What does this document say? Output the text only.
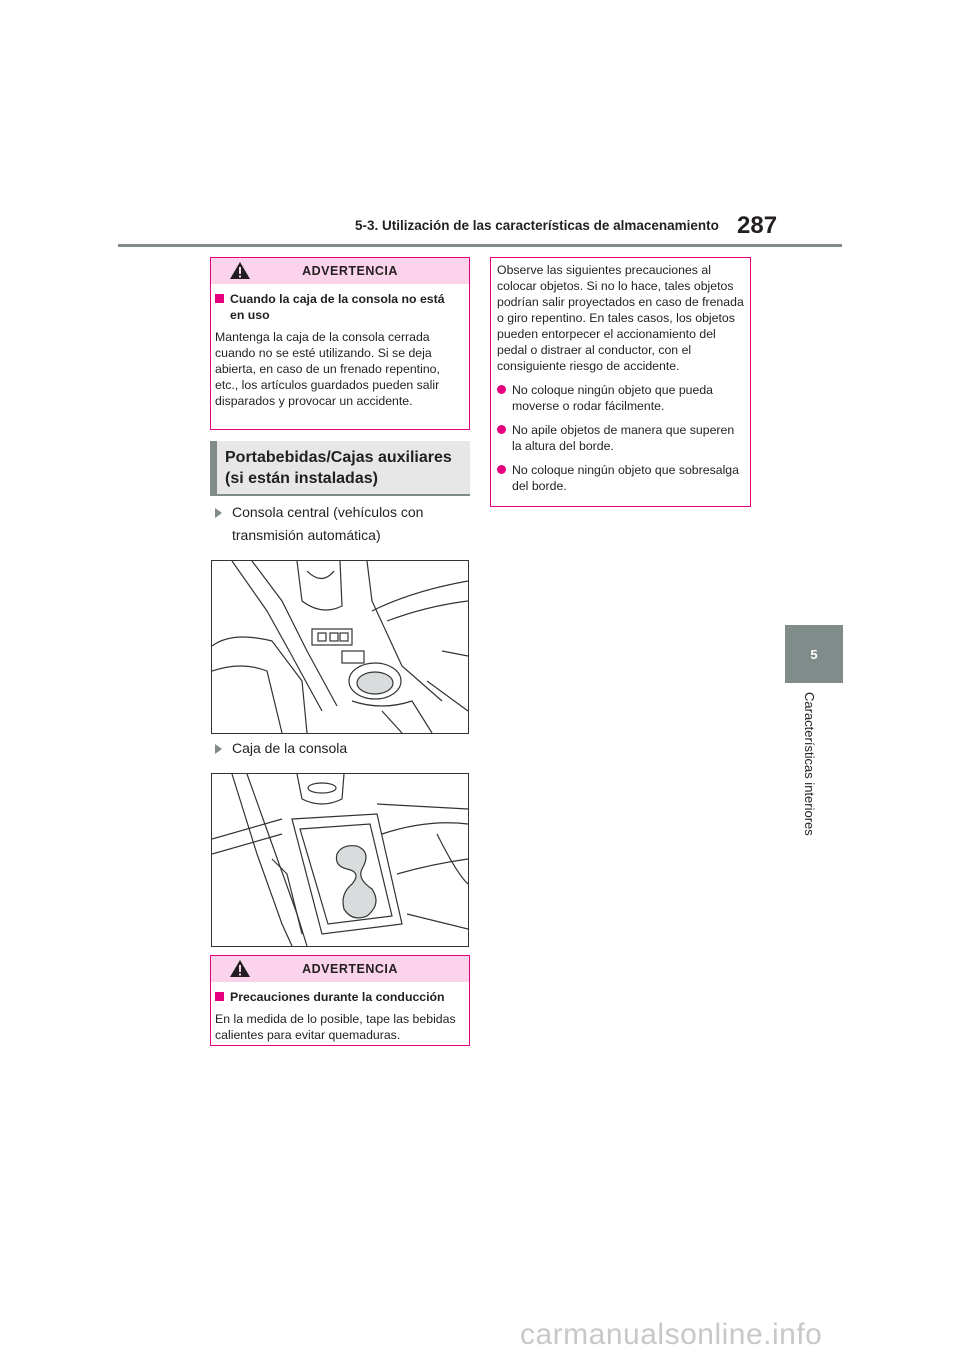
5-3. Utilización de las características de almacenamiento 287
5
Características interiores
ADVERTENCIA
Cuando la caja de la consola no está en uso
Mantenga la caja de la consola cerrada cuando no se esté utilizando. Si se deja abierta, en caso de un frenado repentino, etc., los artículos guardados pueden salir disparados y provocar un accidente.
Portabebidas/Cajas auxiliares
(si están instaladas)
Consola central (vehículos con
transmisión automática)
Caja de la consola
ADVERTENCIA
Precauciones durante la conducción
En la medida de lo posible, tape las bebidas calientes para evitar quemaduras.
Observe las siguientes precauciones al colocar objetos. Si no lo hace, tales objetos podrían salir proyectados en caso de frenada o giro repentino. En tales casos, los objetos pueden entorpecer el accionamiento del pedal o distraer al conductor, con el consiguiente riesgo de accidente.
No coloque ningún objeto que pueda moverse o rodar fácilmente.
No apile objetos de manera que superen la altura del borde.
No coloque ningún objeto que sobresalga del borde.
carmanualsonline.info
